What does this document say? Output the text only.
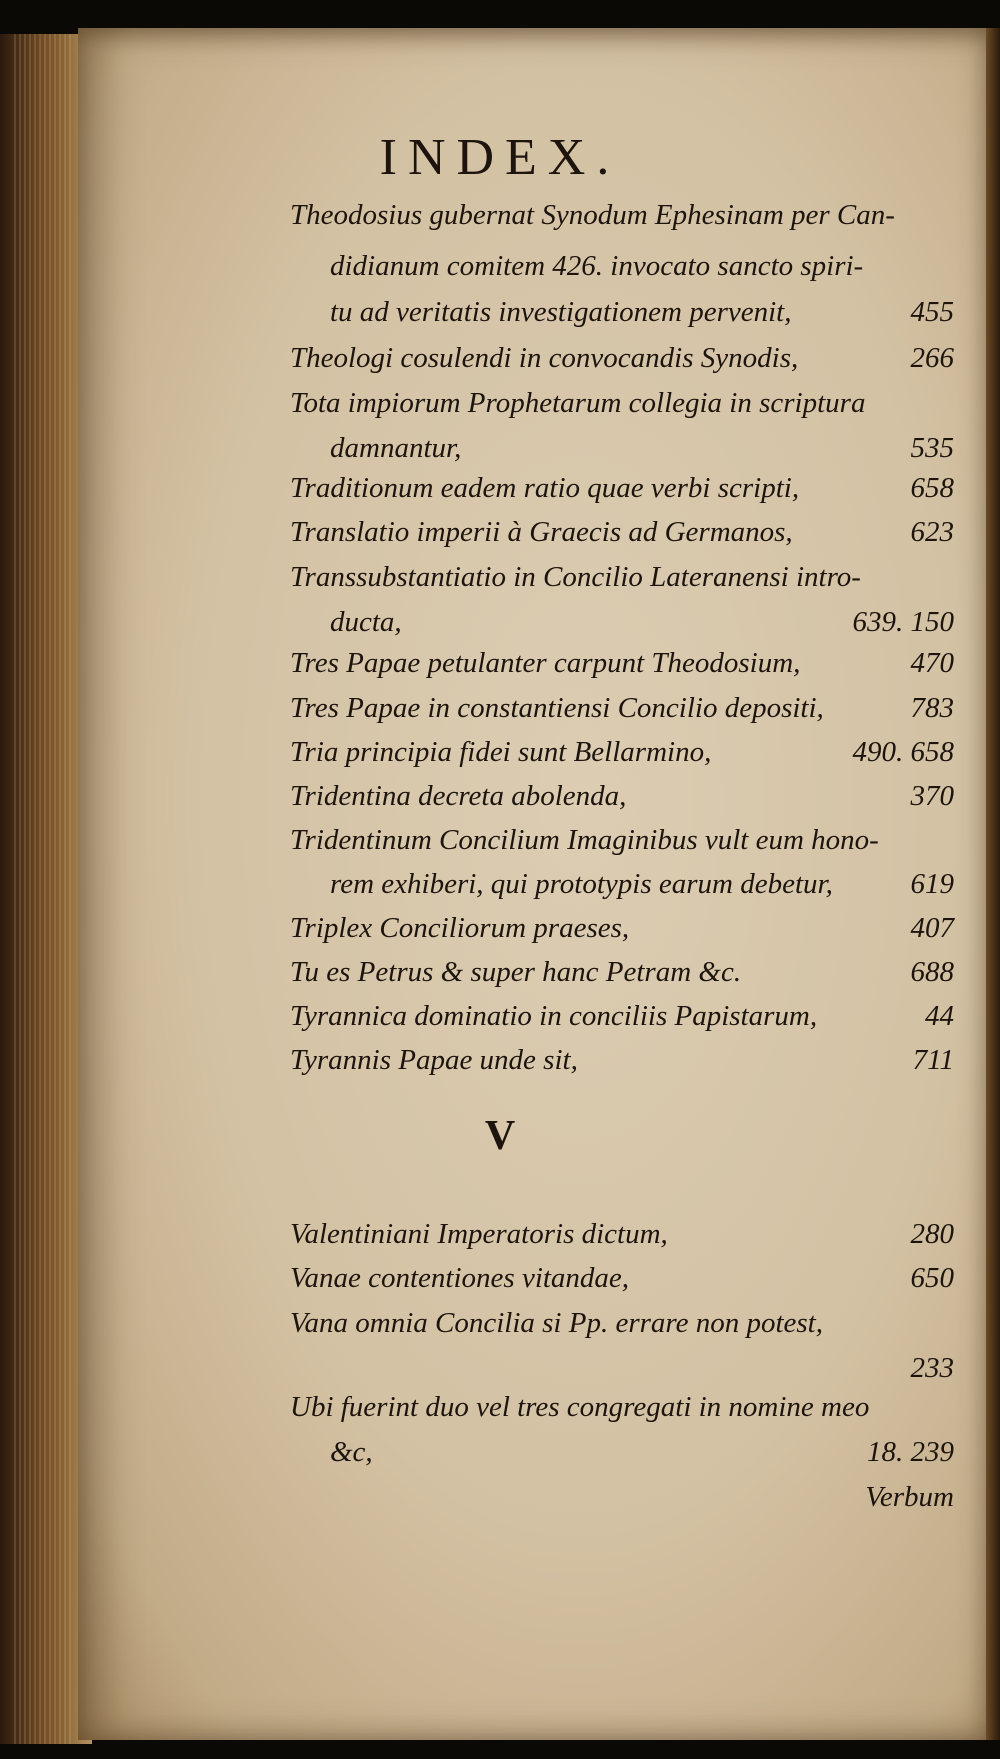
INDEX.
V

Theodosius gubernat Synodum Ephesinam per Can-

didianum comitem 426. invocato sancto spiri-

tu ad veritatis investigationem pervenit,	455

Theologi cosulendi in convocandis Synodis,	266

Tota impiorum Prophetarum collegia in scriptura

damnantur,	535

Traditionum eadem ratio quae verbi scripti,	658

Translatio imperii à Graecis ad Germanos,	623

Transsubstantiatio in Concilio Lateranensi intro-

ducta,	639. 150

Tres Papae petulanter carpunt Theodosium,	470

Tres Papae in constantiensi Concilio depositi,	783

Tria principia fidei sunt Bellarmino,	490. 658

Tridentina decreta abolenda,	370

Tridentinum Concilium Imaginibus vult eum hono-

rem exhiberi, qui prototypis earum debetur,	619

Triplex Conciliorum praeses,	407

Tu es Petrus & super hanc Petram &c.	688

Tyrannica dominatio in conciliis Papistarum,	44

Tyrannis Papae unde sit,	711

Valentiniani Imperatoris dictum,	280

Vanae contentiones vitandae,	650

Vana omnia Concilia si Pp. errare non potest,

233

Ubi fuerint duo vel tres congregati in nomine meo

&c,	18. 239

Verbum
